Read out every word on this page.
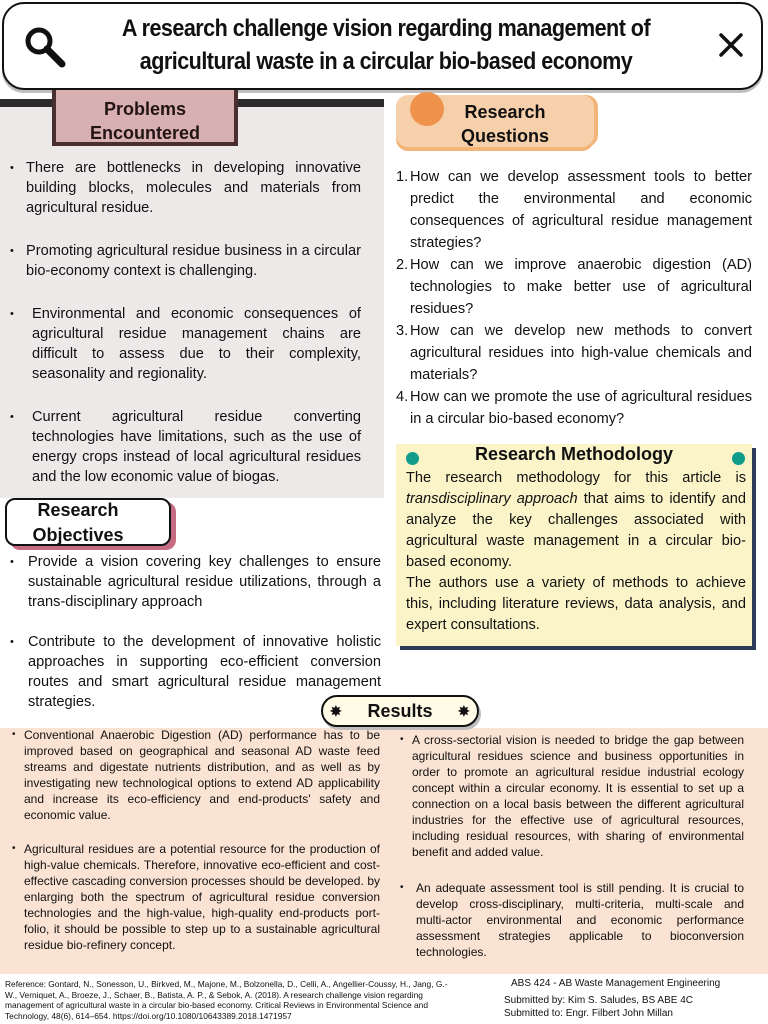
A research challenge vision regarding management of agricultural waste in a circular bio-based economy
Problems
Encountered
• There are bottlenecks in developing innovative building blocks, molecules and materials from agricultural residue.
• Promoting agricultural residue business in a circular bio-economy context is challenging.
• Environmental and economic consequences of agricultural residue management chains are difficult to assess due to their complexity, seasonality and regionality.
• Current agricultural residue converting technologies have limitations, such as the use of energy crops instead of local agricultural residues and the low economic value of biogas.
Research
Questions
1. How can we develop assessment tools to better predict the environmental and economic consequences of agricultural residue management strategies?
2. How can we improve anaerobic digestion (AD) technologies to make better use of agricultural residues?
3. How can we develop new methods to convert agricultural residues into high-value chemicals and materials?
4. How can we promote the use of agricultural residues in a circular bio-based economy?
Research Methodology

The research methodology for this article is transdisciplinary approach that aims to identify and analyze the key challenges associated with agricultural waste management in a circular bio-based economy.

The authors use a variety of methods to achieve this, including literature reviews, data analysis, and expert consultations.

Research
Objectives
• Provide a vision covering key challenges to ensure sustainable agricultural residue utilizations, through a trans-disciplinary approach
• Contribute to the development of innovative holistic approaches in supporting eco-efficient conversion routes and smart agricultural residue management strategies.
✸	✸
Results
• Conventional Anaerobic Digestion (AD) performance has to be improved based on geographical and seasonal AD waste feed streams and digestate nutrients distribution, and as well as by investigating new technological options to extend AD applicability and increase its eco-efficiency and end-products' safety and economic value.
• Agricultural residues are a potential resource for the production of high-value chemicals. Therefore, innovative eco-efficient and cost-effective cascading conversion processes should be developed. by enlarging both the spectrum of agricultural residue conversion technologies and the high-value, high-quality end-products port-folio, it should be possible to step up to a sustainable agricultural residue bio-refinery concept.
• A cross-sectorial vision is needed to bridge the gap between agricultural residues science and business opportunities in order to promote an agricultural residue industrial ecology concept within a circular economy. It is essential to set up a connection on a local basis between the different agricultural industries for the effective use of agricultural resources, including residual resources, with sharing of environmental benefit and added value.
• An adequate assessment tool is still pending. It is crucial to develop cross-disciplinary, multi-criteria, multi-scale and multi-actor environmental and economic performance assessment strategies applicable to bioconversion technologies.
Reference: Gontard, N., Sonesson, U., Birkved, M., Majone, M., Bolzonella, D., Celli, A., Angellier-Coussy, H., Jang, G.-W., Verniquet, A., Broeze, J., Schaer, B., Batista, A. P., & Sebok, A. (2018). A research challenge vision regarding management of agricultural waste in a circular bio-based economy. Critical Reviews in Environmental Science and Technology, 48(6), 614–654. https://doi.org/10.1080/10643389.2018.1471957
ABS 424 - AB Waste Management Engineering
Submitted by: Kim S. Saludes, BS ABE 4C
Submitted to: Engr. Filbert John Millan
